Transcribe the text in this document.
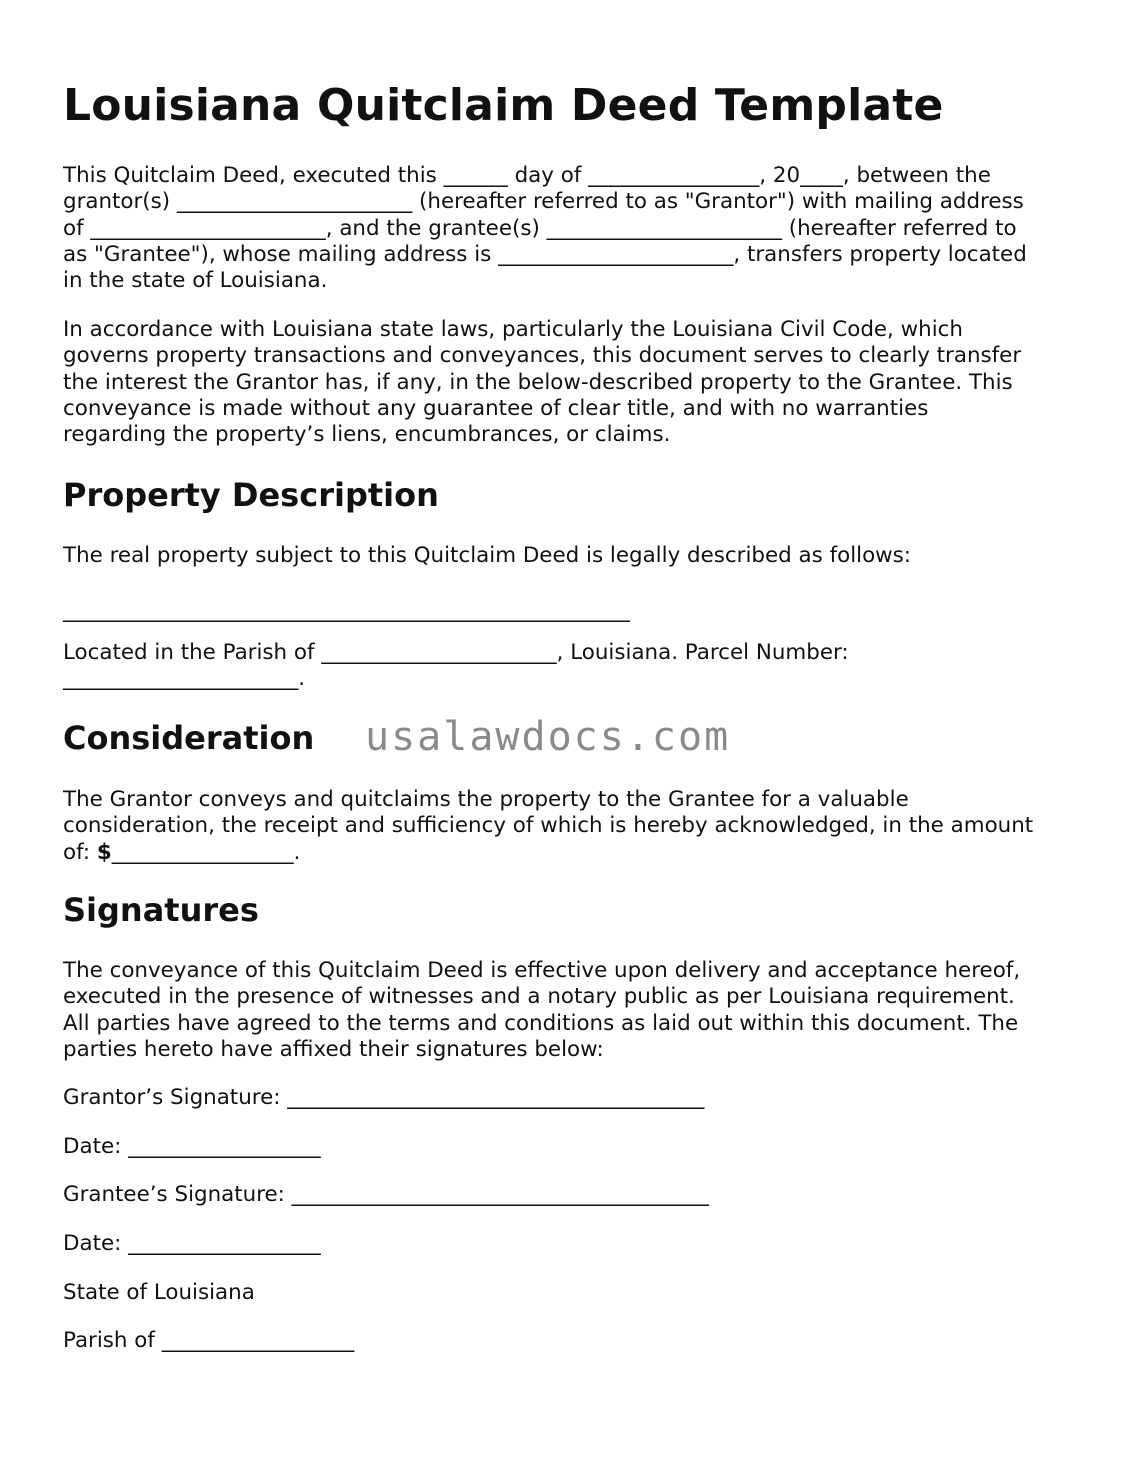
Louisiana Quitclaim Deed Template

This Quitclaim Deed, executed this ______ day of ________________, 20____, between the
grantor(s) ______________________ (hereafter referred to as "Grantor") with mailing address
of ______________________, and the grantee(s) ______________________ (hereafter referred to
as "Grantee"), whose mailing address is ______________________, transfers property located
in the state of Louisiana.

In accordance with Louisiana state laws, particularly the Louisiana Civil Code, which
governs property transactions and conveyances, this document serves to clearly transfer
the interest the Grantor has, if any, in the below-described property to the Grantee. This
conveyance is made without any guarantee of clear title, and with no warranties
regarding the property’s liens, encumbrances, or claims.

Property Description

The real property subject to this Quitclaim Deed is legally described as follows:

_____________________________________________________

Located in the Parish of ______________________, Louisiana. Parcel Number:
______________________.

Consideration

The Grantor conveys and quitclaims the property to the Grantee for a valuable
consideration, the receipt and sufficiency of which is hereby acknowledged, in the amount
of: $_________________.

Signatures

The conveyance of this Quitclaim Deed is effective upon delivery and acceptance hereof,
executed in the presence of witnesses and a notary public as per Louisiana requirement.
All parties have agreed to the terms and conditions as laid out within this document. The
parties hereto have affixed their signatures below:

Grantor’s Signature: _______________________________________

Date: __________________

Grantee’s Signature: _______________________________________

Date: __________________

State of Louisiana

Parish of __________________

usalawdocs.com
